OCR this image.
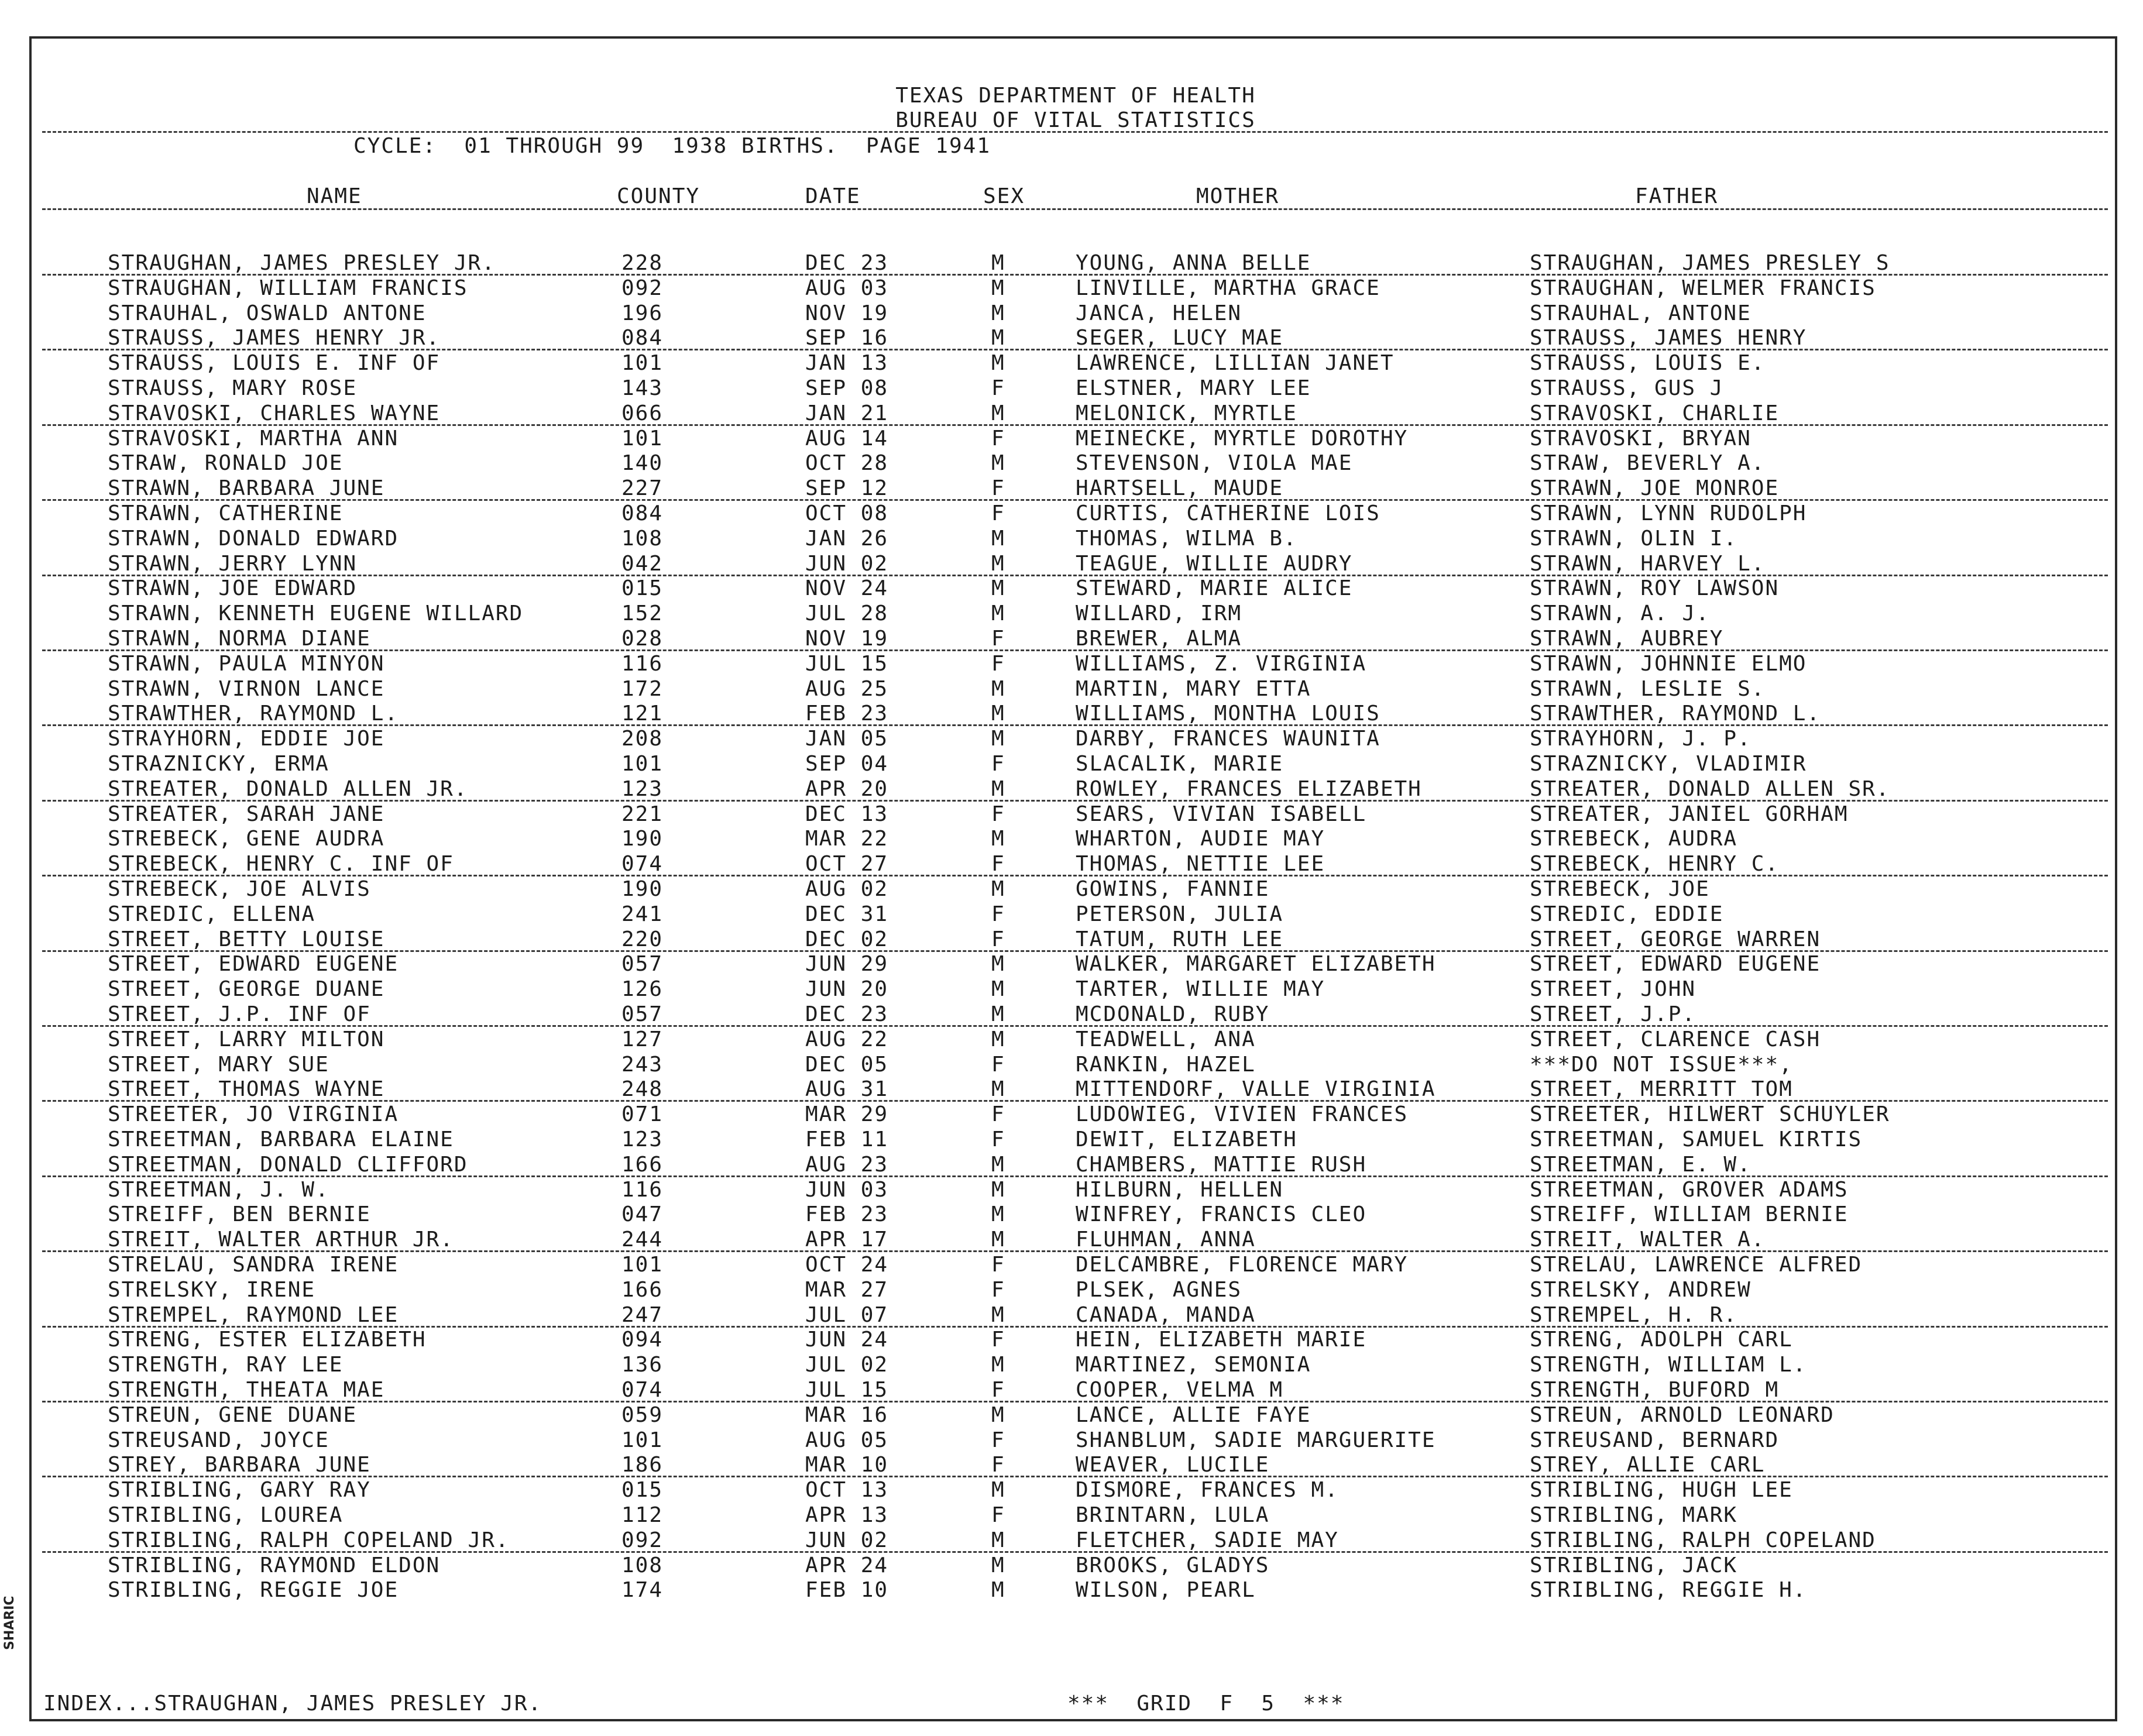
TEXAS DEPARTMENT OF HEALTH
BUREAU OF VITAL STATISTICS
CYCLE:  01 THROUGH 99  1938 BIRTHS.  PAGE 1941
NAME	COUNTY	DATE	SEX	MOTHER	FATHER
STRAUGHAN, JAMES PRESLEY JR.	228	DEC 23	M	YOUNG, ANNA BELLE	STRAUGHAN, JAMES PRESLEY S
STRAUGHAN, WILLIAM FRANCIS	092	AUG 03	M	LINVILLE, MARTHA GRACE	STRAUGHAN, WELMER FRANCIS
STRAUHAL, OSWALD ANTONE	196	NOV 19	M	JANCA, HELEN	STRAUHAL, ANTONE
STRAUSS, JAMES HENRY JR.	084	SEP 16	M	SEGER, LUCY MAE	STRAUSS, JAMES HENRY
STRAUSS, LOUIS E. INF OF	101	JAN 13	M	LAWRENCE, LILLIAN JANET	STRAUSS, LOUIS E.
STRAUSS, MARY ROSE	143	SEP 08	F	ELSTNER, MARY LEE	STRAUSS, GUS J
STRAVOSKI, CHARLES WAYNE	066	JAN 21	M	MELONICK, MYRTLE	STRAVOSKI, CHARLIE
STRAVOSKI, MARTHA ANN	101	AUG 14	F	MEINECKE, MYRTLE DOROTHY	STRAVOSKI, BRYAN
STRAW, RONALD JOE	140	OCT 28	M	STEVENSON, VIOLA MAE	STRAW, BEVERLY A.
STRAWN, BARBARA JUNE	227	SEP 12	F	HARTSELL, MAUDE	STRAWN, JOE MONROE
STRAWN, CATHERINE	084	OCT 08	F	CURTIS, CATHERINE LOIS	STRAWN, LYNN RUDOLPH
STRAWN, DONALD EDWARD	108	JAN 26	M	THOMAS, WILMA B.	STRAWN, OLIN I.
STRAWN, JERRY LYNN	042	JUN 02	M	TEAGUE, WILLIE AUDRY	STRAWN, HARVEY L.
STRAWN, JOE EDWARD	015	NOV 24	M	STEWARD, MARIE ALICE	STRAWN, ROY LAWSON
STRAWN, KENNETH EUGENE WILLARD	152	JUL 28	M	WILLARD, IRM	STRAWN, A. J.
STRAWN, NORMA DIANE	028	NOV 19	F	BREWER, ALMA	STRAWN, AUBREY
STRAWN, PAULA MINYON	116	JUL 15	F	WILLIAMS, Z. VIRGINIA	STRAWN, JOHNNIE ELMO
STRAWN, VIRNON LANCE	172	AUG 25	M	MARTIN, MARY ETTA	STRAWN, LESLIE S.
STRAWTHER, RAYMOND L.	121	FEB 23	M	WILLIAMS, MONTHA LOUIS	STRAWTHER, RAYMOND L.
STRAYHORN, EDDIE JOE	208	JAN 05	M	DARBY, FRANCES WAUNITA	STRAYHORN, J. P.
STRAZNICKY, ERMA	101	SEP 04	F	SLACALIK, MARIE	STRAZNICKY, VLADIMIR
STREATER, DONALD ALLEN JR.	123	APR 20	M	ROWLEY, FRANCES ELIZABETH	STREATER, DONALD ALLEN SR.
STREATER, SARAH JANE	221	DEC 13	F	SEARS, VIVIAN ISABELL	STREATER, JANIEL GORHAM
STREBECK, GENE AUDRA	190	MAR 22	M	WHARTON, AUDIE MAY	STREBECK, AUDRA
STREBECK, HENRY C. INF OF	074	OCT 27	F	THOMAS, NETTIE LEE	STREBECK, HENRY C.
STREBECK, JOE ALVIS	190	AUG 02	M	GOWINS, FANNIE	STREBECK, JOE
STREDIC, ELLENA	241	DEC 31	F	PETERSON, JULIA	STREDIC, EDDIE
STREET, BETTY LOUISE	220	DEC 02	F	TATUM, RUTH LEE	STREET, GEORGE WARREN
STREET, EDWARD EUGENE	057	JUN 29	M	WALKER, MARGARET ELIZABETH	STREET, EDWARD EUGENE
STREET, GEORGE DUANE	126	JUN 20	M	TARTER, WILLIE MAY	STREET, JOHN
STREET, J.P. INF OF	057	DEC 23	M	MCDONALD, RUBY	STREET, J.P.
STREET, LARRY MILTON	127	AUG 22	M	TEADWELL, ANA	STREET, CLARENCE CASH
STREET, MARY SUE	243	DEC 05	F	RANKIN, HAZEL	***DO NOT ISSUE***,
STREET, THOMAS WAYNE	248	AUG 31	M	MITTENDORF, VALLE VIRGINIA	STREET, MERRITT TOM
STREETER, JO VIRGINIA	071	MAR 29	F	LUDOWIEG, VIVIEN FRANCES	STREETER, HILWERT SCHUYLER
STREETMAN, BARBARA ELAINE	123	FEB 11	F	DEWIT, ELIZABETH	STREETMAN, SAMUEL KIRTIS
STREETMAN, DONALD CLIFFORD	166	AUG 23	M	CHAMBERS, MATTIE RUSH	STREETMAN, E. W.
STREETMAN, J. W.	116	JUN 03	M	HILBURN, HELLEN	STREETMAN, GROVER ADAMS
STREIFF, BEN BERNIE	047	FEB 23	M	WINFREY, FRANCIS CLEO	STREIFF, WILLIAM BERNIE
STREIT, WALTER ARTHUR JR.	244	APR 17	M	FLUHMAN, ANNA	STREIT, WALTER A.
STRELAU, SANDRA IRENE	101	OCT 24	F	DELCAMBRE, FLORENCE MARY	STRELAU, LAWRENCE ALFRED
STRELSKY, IRENE	166	MAR 27	F	PLSEK, AGNES	STRELSKY, ANDREW
STREMPEL, RAYMOND LEE	247	JUL 07	M	CANADA, MANDA	STREMPEL, H. R.
STRENG, ESTER ELIZABETH	094	JUN 24	F	HEIN, ELIZABETH MARIE	STRENG, ADOLPH CARL
STRENGTH, RAY LEE	136	JUL 02	M	MARTINEZ, SEMONIA	STRENGTH, WILLIAM L.
STRENGTH, THEATA MAE	074	JUL 15	F	COOPER, VELMA M	STRENGTH, BUFORD M
STREUN, GENE DUANE	059	MAR 16	M	LANCE, ALLIE FAYE	STREUN, ARNOLD LEONARD
STREUSAND, JOYCE	101	AUG 05	F	SHANBLUM, SADIE MARGUERITE	STREUSAND, BERNARD
STREY, BARBARA JUNE	186	MAR 10	F	WEAVER, LUCILE	STREY, ALLIE CARL
STRIBLING, GARY RAY	015	OCT 13	M	DISMORE, FRANCES M.	STRIBLING, HUGH LEE
STRIBLING, LOUREA	112	APR 13	F	BRINTARN, LULA	STRIBLING, MARK
STRIBLING, RALPH COPELAND JR.	092	JUN 02	M	FLETCHER, SADIE MAY	STRIBLING, RALPH COPELAND
STRIBLING, RAYMOND ELDON	108	APR 24	M	BROOKS, GLADYS	STRIBLING, JACK
STRIBLING, REGGIE JOE	174	FEB 10	M	WILSON, PEARL	STRIBLING, REGGIE H.
INDEX...STRAUGHAN, JAMES PRESLEY JR.	***  GRID  F  5  ***
SHARIC
